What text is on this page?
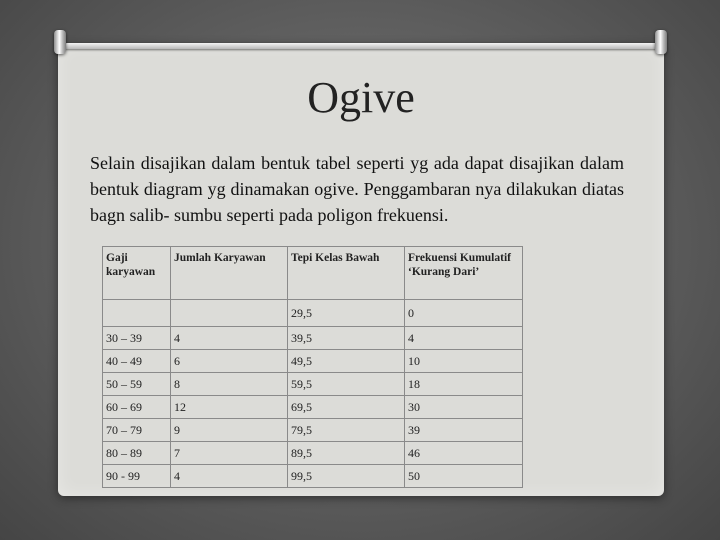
Ogive

Selain disajikan dalam bentuk tabel seperti yg ada dapat disajikan dalam bentuk diagram yg dinamakan ogive. Penggambaran nya dilakukan diatas bagn salib- sumbu seperti pada poligon frekuensi.

Gaji karyawan	Jumlah Karyawan	Tepi Kelas Bawah	Frekuensi Kumulatif ‘Kurang Dari’
		29,5	0
30 – 39	4	39,5	4
40 – 49	6	49,5	10
50 – 59	8	59,5	18
60 – 69	12	69,5	30
70 – 79	9	79,5	39
80 – 89	7	89,5	46
90 - 99	4	99,5	50
